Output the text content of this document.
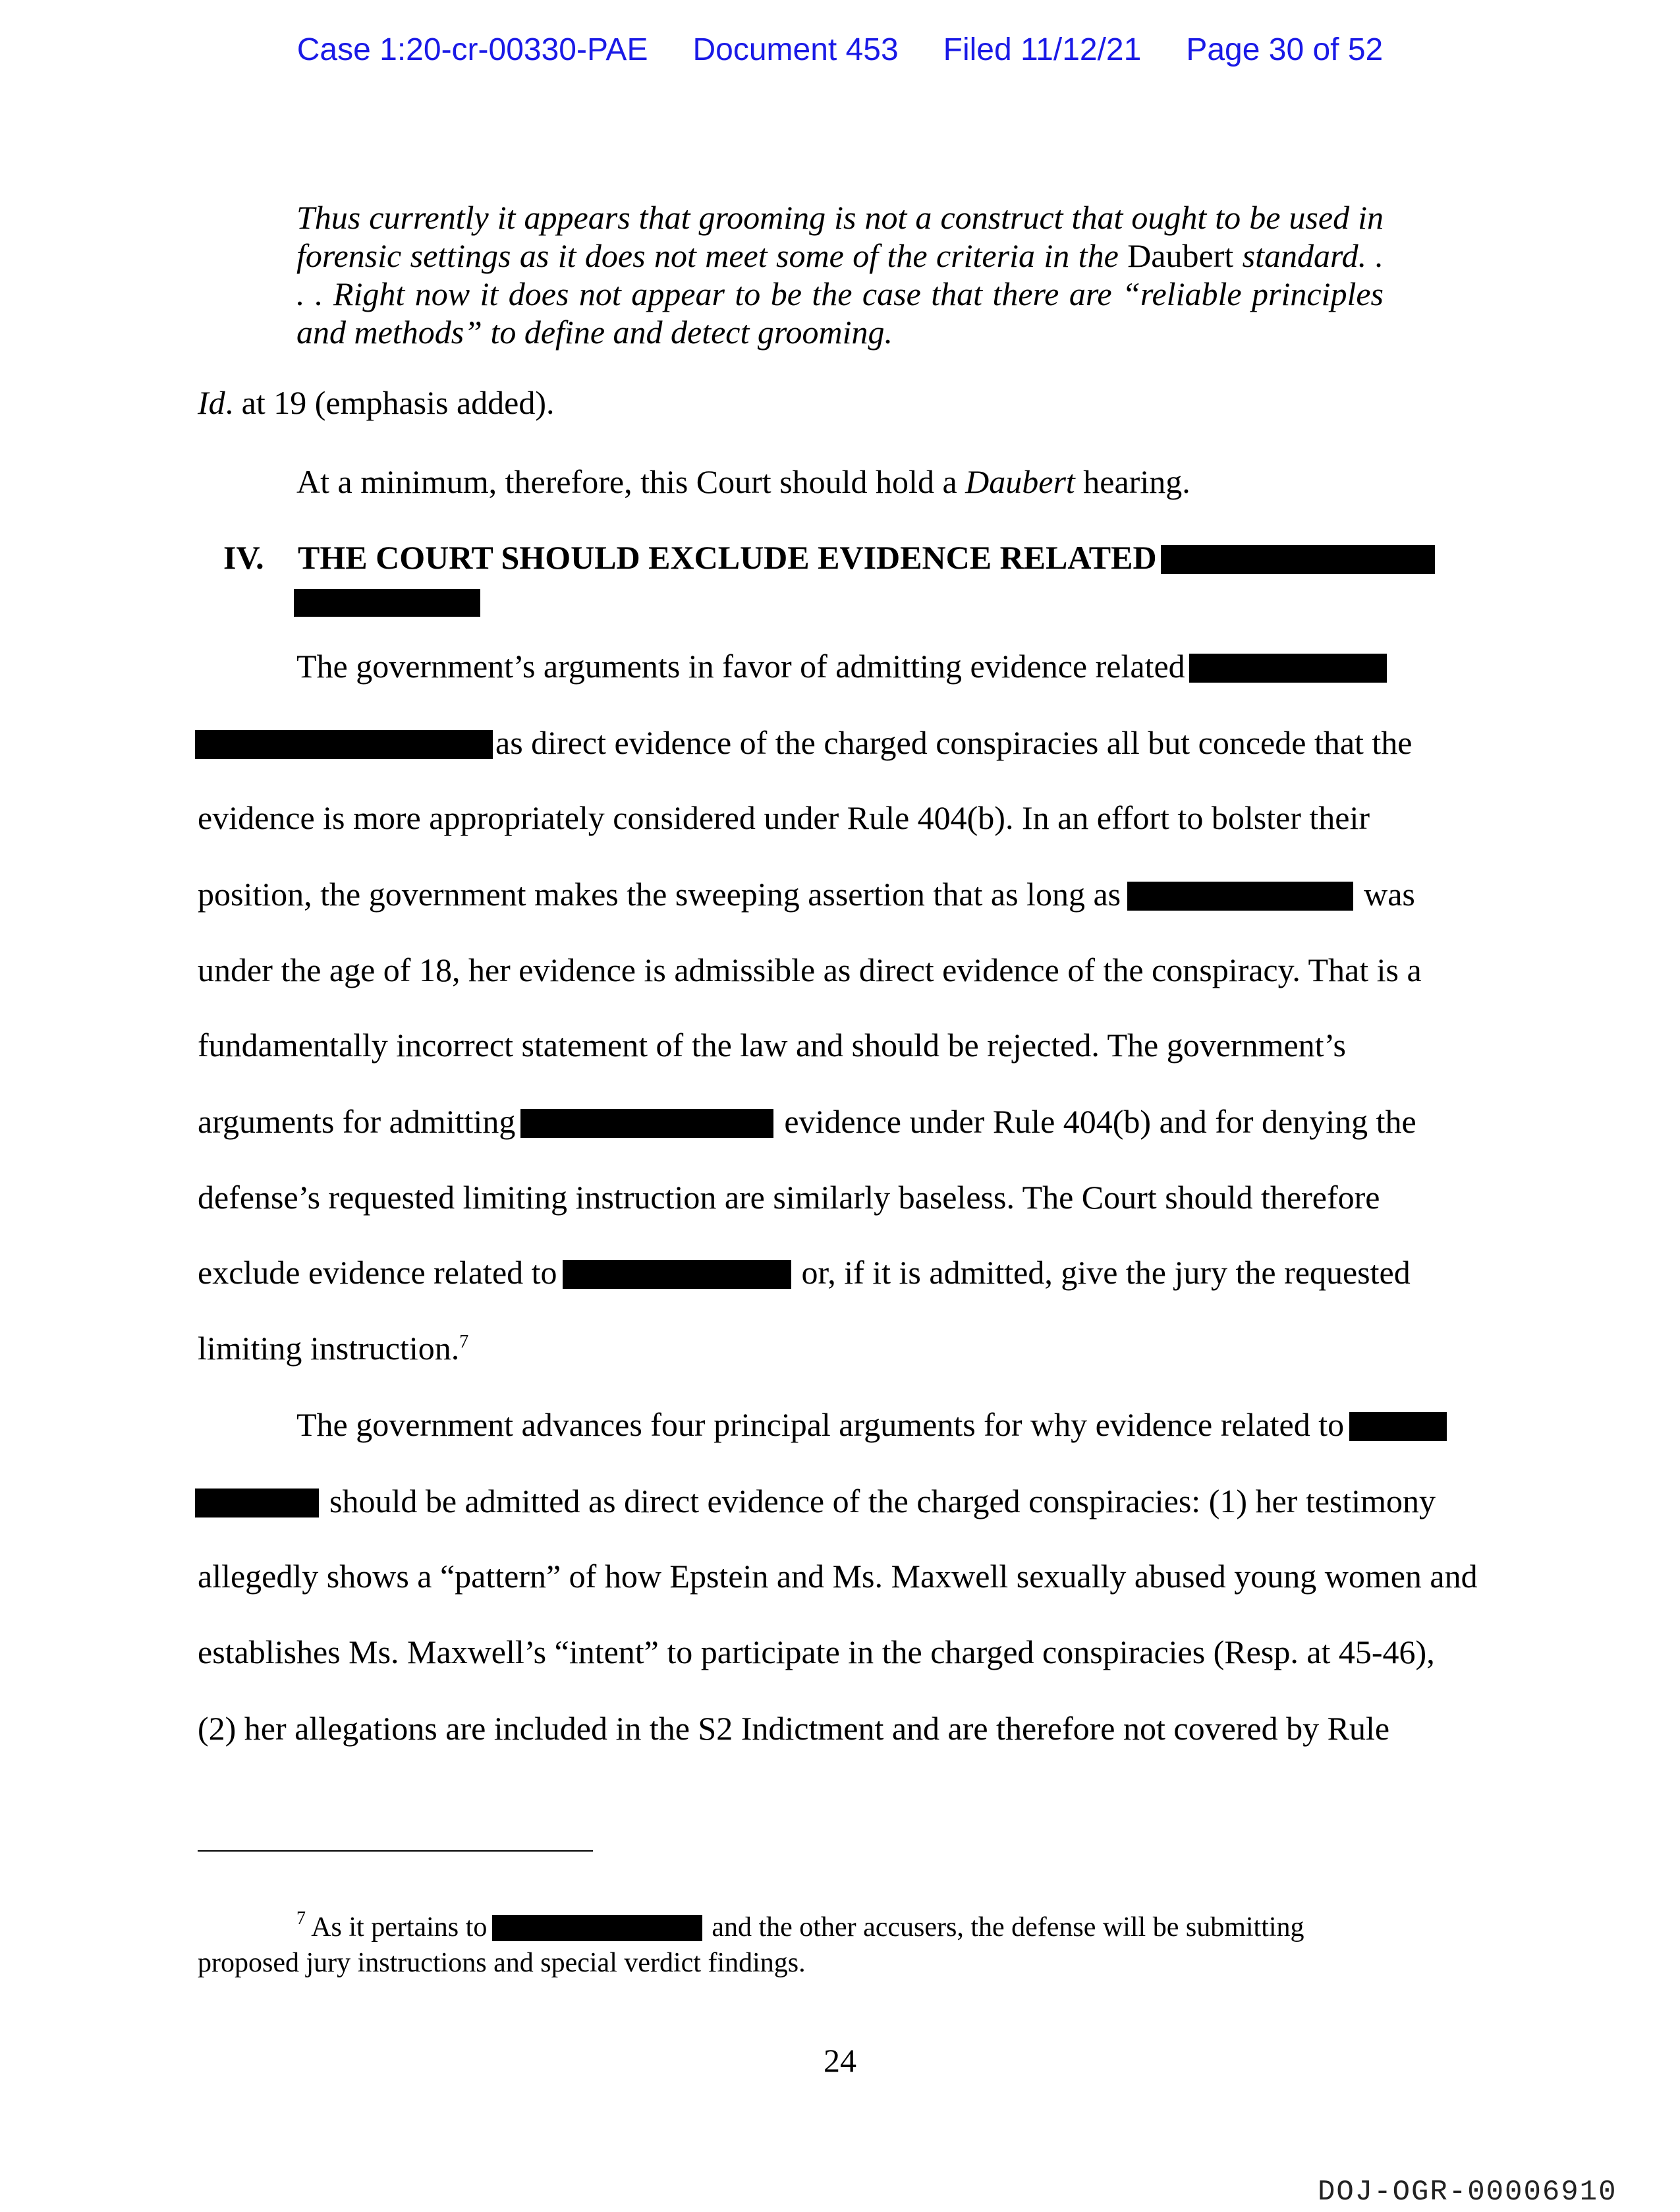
Case 1:20-cr-00330-PAE Document 453 Filed 11/12/21 Page 30 of 52
Thus currently it appears that grooming is not a construct that ought to be used in
forensic settings as it does not meet some of the criteria in the Daubert standard. .
. . Right now it does not appear to be the case that there are “reliable principles
and methods” to define and detect grooming.
Id. at 19 (emphasis added).
At a minimum, therefore, this Court should hold a Daubert hearing.
IV. THE COURT SHOULD EXCLUDE EVIDENCE RELATED
The government’s arguments in favor of admitting evidence related
as direct evidence of the charged conspiracies all but concede that the
evidence is more appropriately considered under Rule 404(b). In an effort to bolster their
position, the government makes the sweeping assertion that as long as	was
under the age of 18, her evidence is admissible as direct evidence of the conspiracy. That is a
fundamentally incorrect statement of the law and should be rejected. The government’s
arguments for admitting	evidence under Rule 404(b) and for denying the
defense’s requested limiting instruction are similarly baseless. The Court should therefore
exclude evidence related to	or, if it is admitted, give the jury the requested
limiting instruction.$^7$
The government advances four principal arguments for why evidence related to
should be admitted as direct evidence of the charged conspiracies: (1) her testimony
allegedly shows a “pattern” of how Epstein and Ms. Maxwell sexually abused young women and
establishes Ms. Maxwell’s “intent” to participate in the charged conspiracies (Resp. at 45-46),
(2) her allegations are included in the S2 Indictment and are therefore not covered by Rule
$^7$ As it pertains to	and the other accusers, the defense will be submitting
proposed jury instructions and special verdict findings.
24
DOJ-OGR-00006910
